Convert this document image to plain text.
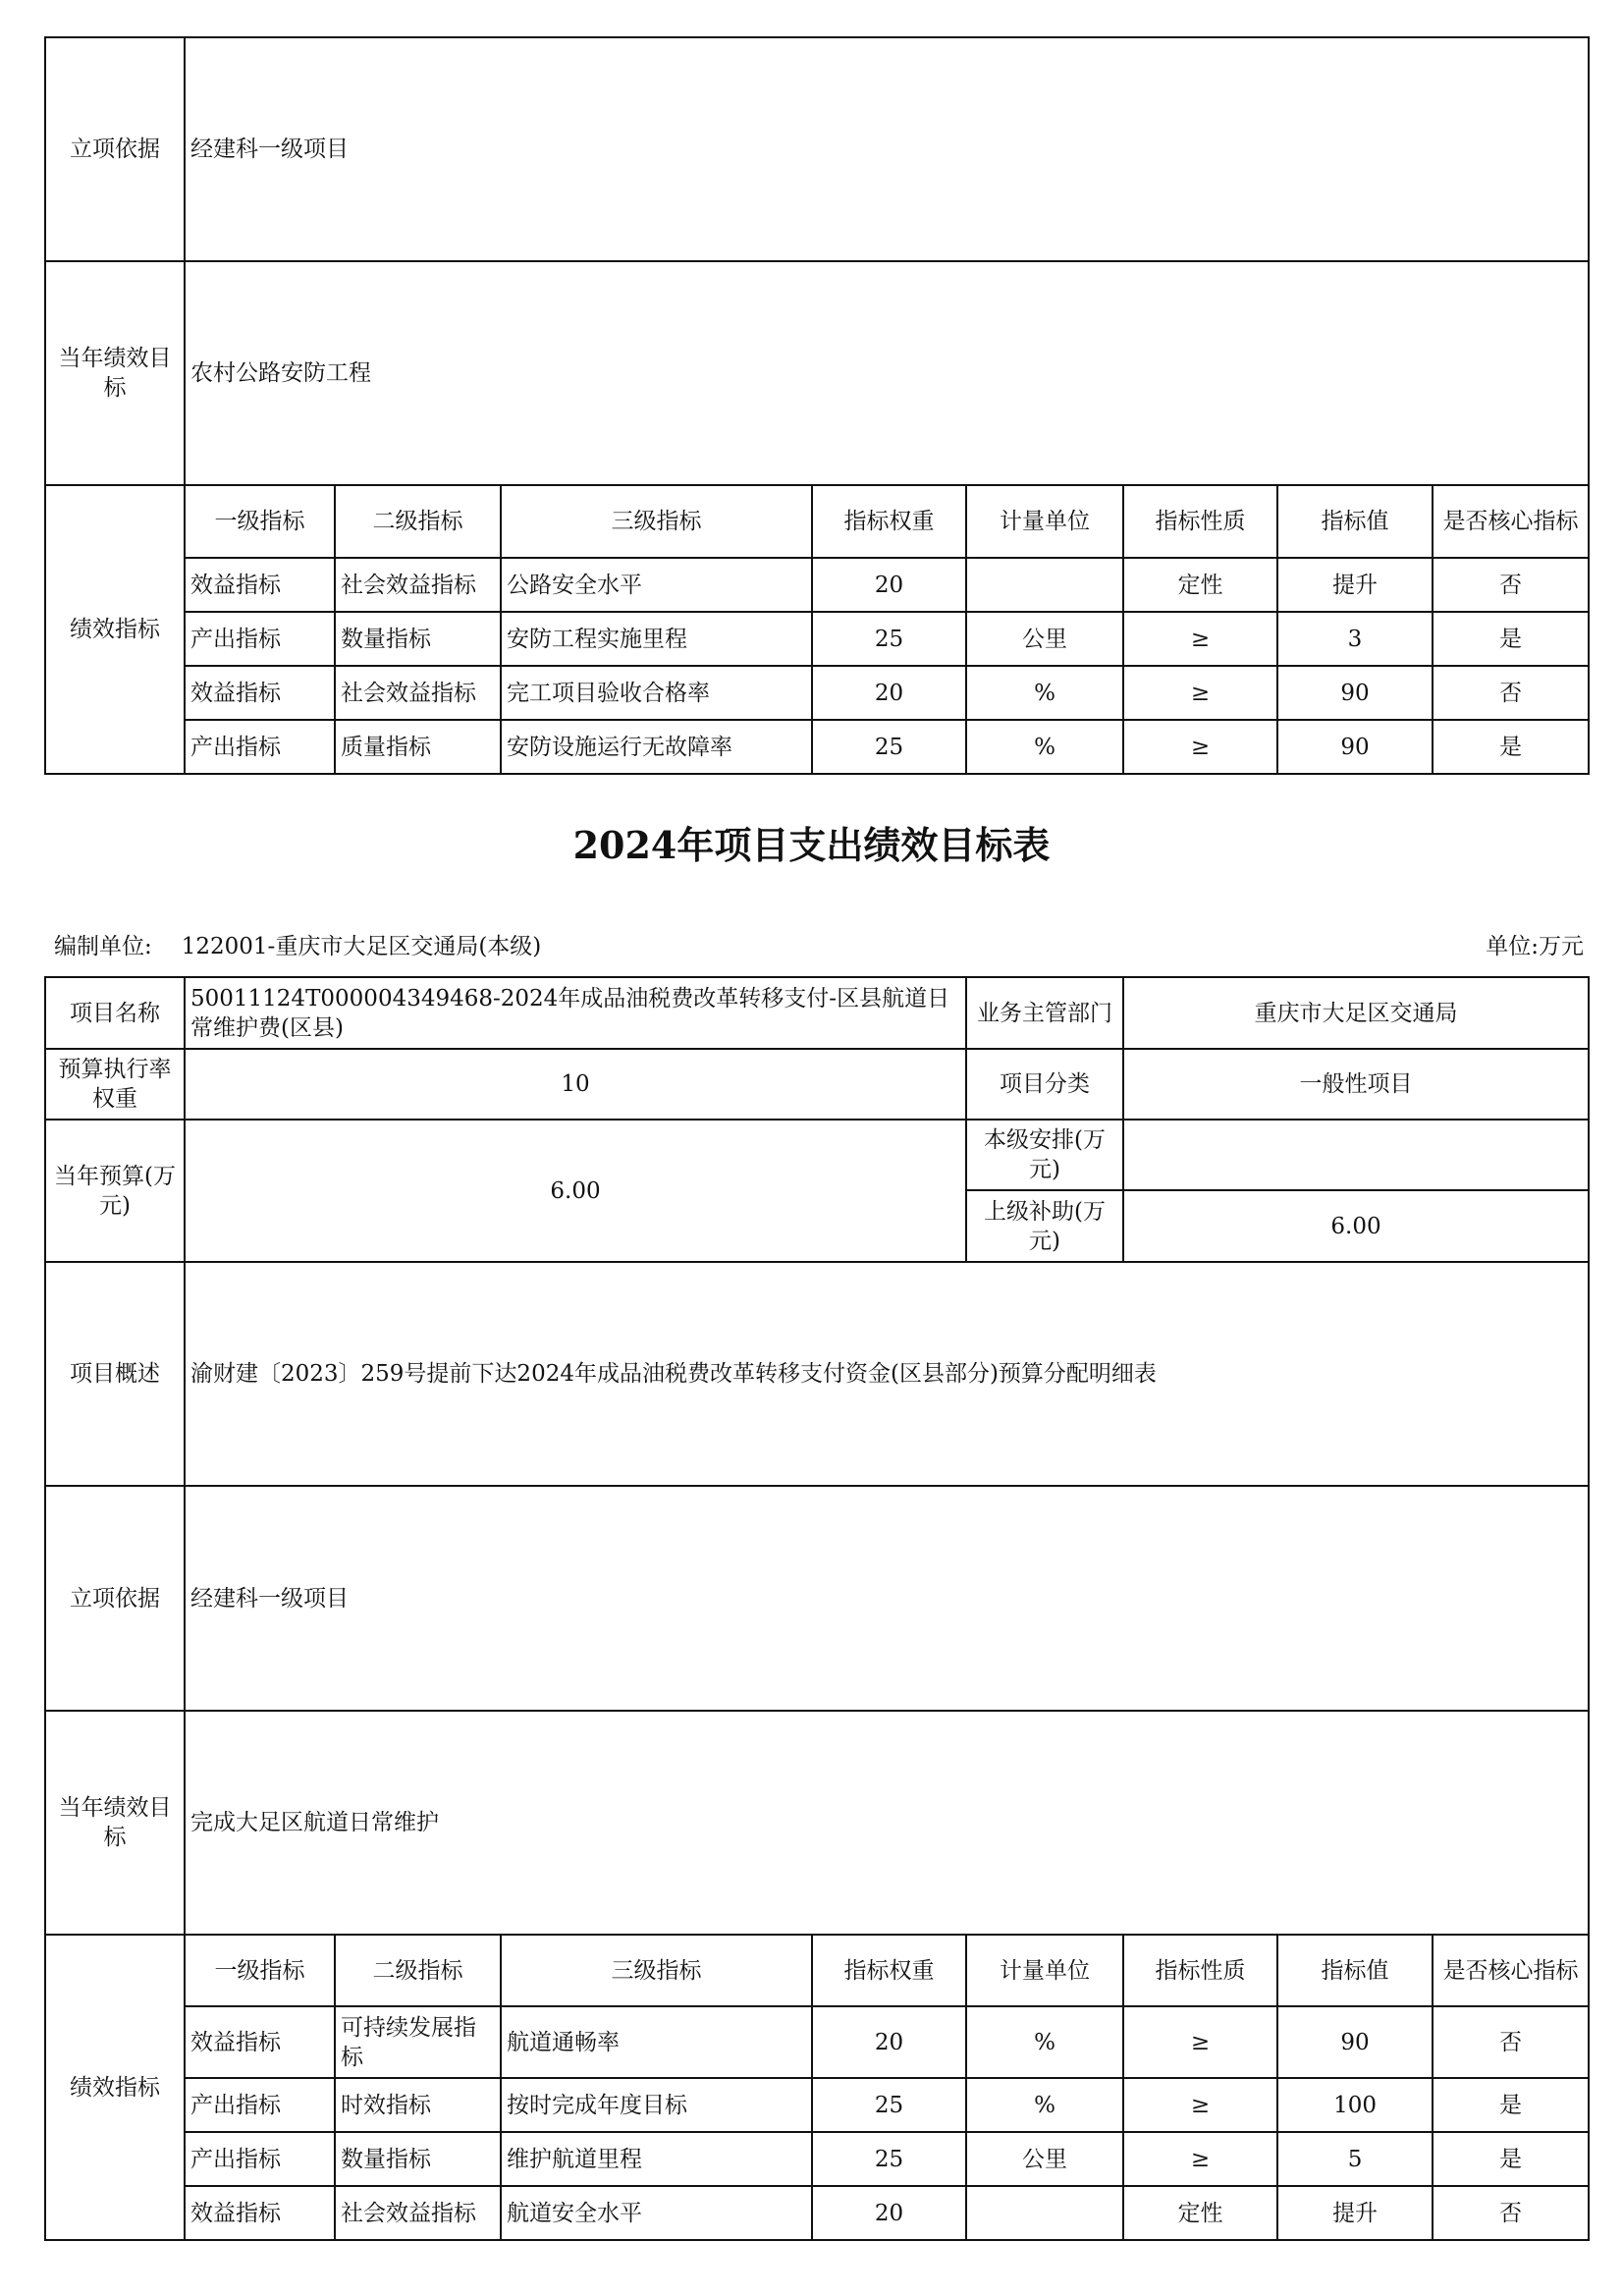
立项依据	经建科一级项目							
当年绩效目标	农村公路安防工程							
绩效指标	一级指标	二级指标	三级指标	指标权重	计量单位	指标性质	指标值	是否核心指标
	效益指标	社会效益指标	公路安全水平	20		定性	提升	否
	产出指标	数量指标	安防工程实施里程	25	公里	≥	3	是
	效益指标	社会效益指标	完工项目验收合格率	20	%	≥	90	否
	产出指标	质量指标	安防设施运行无故障率	25	%	≥	90	是
2024年项目支出绩效目标表
编制单位: 122001-重庆市大足区交通局(本级)	单位:万元
项目名称	50011124T000004349468-2024年成品油税费改革转移支付-区县航道日常维护费(区县)				业务主管部门	重庆市大足区交通局		
预算执行率权重	10				项目分类	一般性项目		
当年预算(万元)	6.00				本级安排(万元)			
					上级补助(万元)	6.00		
项目概述	渝财建〔2023〕259号提前下达2024年成品油税费改革转移支付资金(区县部分)预算分配明细表							
立项依据	经建科一级项目							
当年绩效目标	完成大足区航道日常维护							
绩效指标	一级指标	二级指标	三级指标	指标权重	计量单位	指标性质	指标值	是否核心指标
	效益指标	可持续发展指标	航道通畅率	20	%	≥	90	否
	产出指标	时效指标	按时完成年度目标	25	%	≥	100	是
	产出指标	数量指标	维护航道里程	25	公里	≥	5	是
	效益指标	社会效益指标	航道安全水平	20		定性	提升	否
